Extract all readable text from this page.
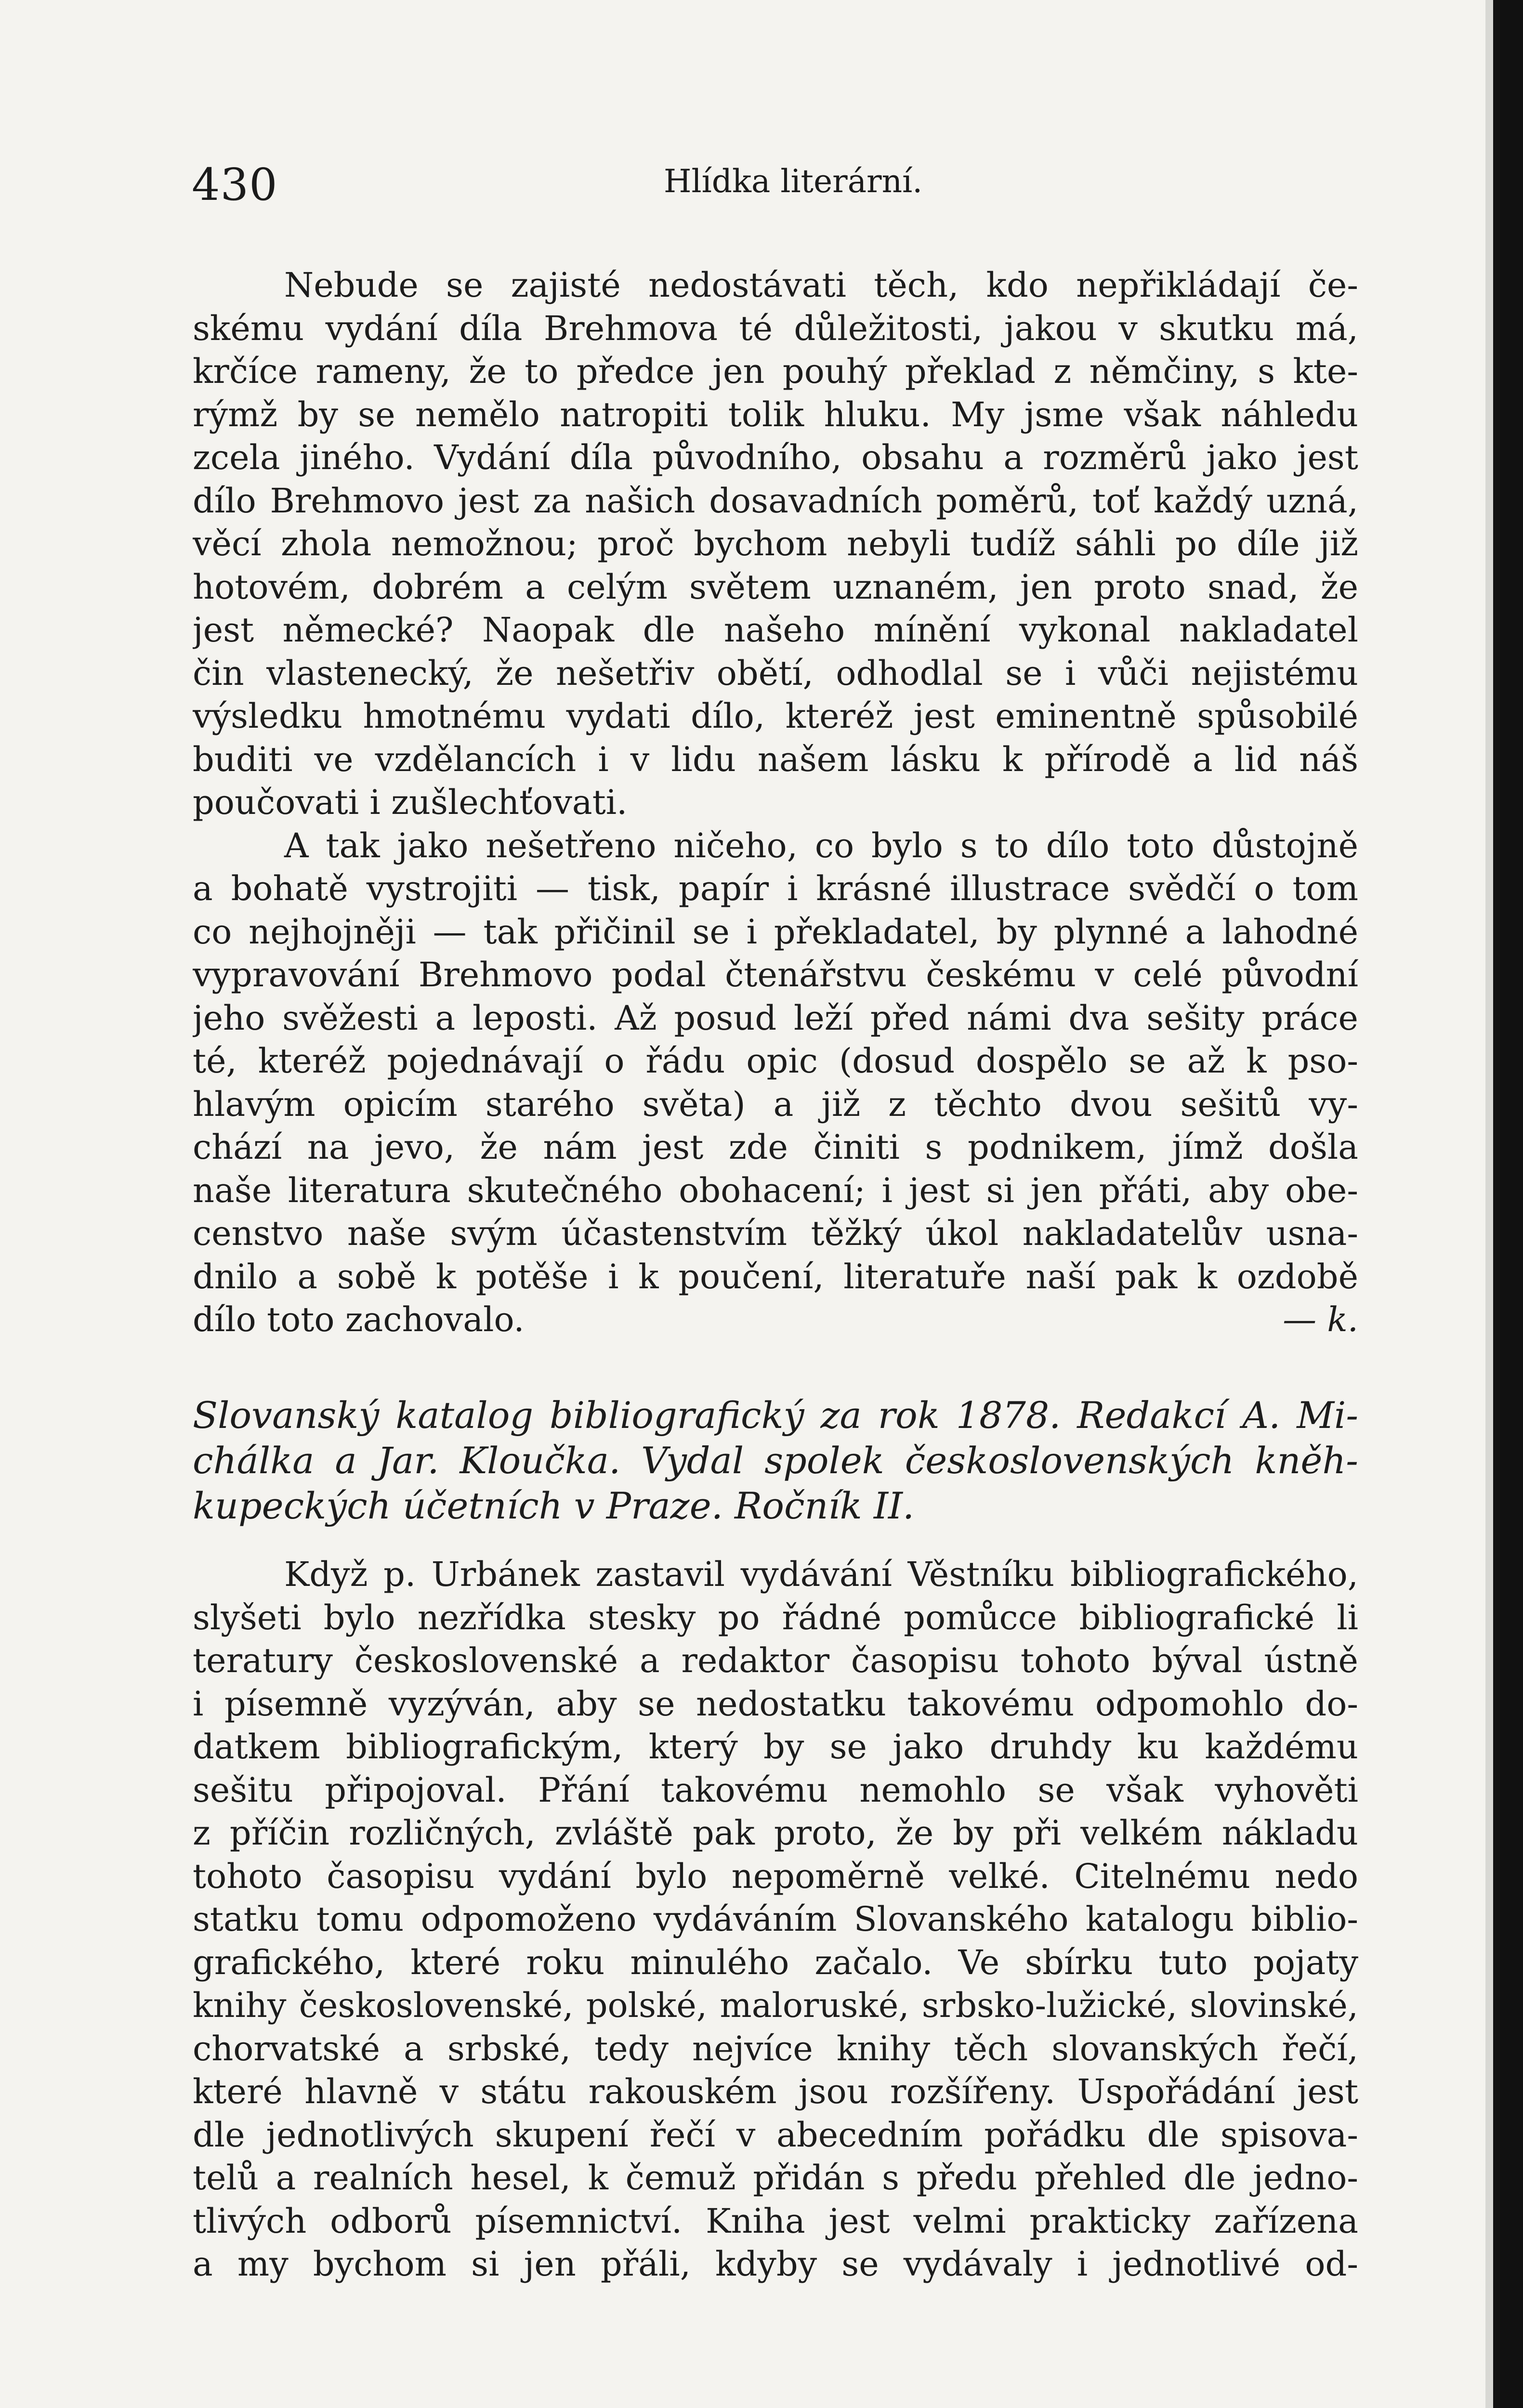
430	Hlídka literární.
Nebude se zajisté nedostávati těch, kdo nepřikládají če-
skému vydání díla Brehmova té důležitosti, jakou v skutku má,
krčíce rameny, že to předce jen pouhý překlad z němčiny, s kte-
rýmž by se nemělo natropiti tolik hluku. My jsme však náhledu
zcela jiného. Vydání díla původního, obsahu a rozměrů jako jest
dílo Brehmovo jest za našich dosavadních poměrů, toť každý uzná,
věcí zhola nemožnou; proč bychom nebyli tudíž sáhli po díle již
hotovém, dobrém a celým světem uznaném, jen proto snad, že
jest německé? Naopak dle našeho mínění vykonal nakladatel
čin vlastenecký, že nešetřiv obětí, odhodlal se i vůči nejistému
výsledku hmotnému vydati dílo, kteréž jest eminentně spůsobilé
buditi ve vzdělancích i v lidu našem lásku k přírodě a lid náš
poučovati i zušlechťovati.
A tak jako nešetřeno ničeho, co bylo s to dílo toto důstojně
a bohatě vystrojiti — tisk, papír i krásné illustrace svědčí o tom
co nejhojněji — tak přičinil se i překladatel, by plynné a lahodné
vypravování Brehmovo podal čtenářstvu českému v celé původní
jeho svěžesti a leposti. Až posud leží před námi dva sešity práce
té, kteréž pojednávají o řádu opic (dosud dospělo se až k pso-
hlavým opicím starého světa) a již z těchto dvou sešitů vy-
chází na jevo, že nám jest zde činiti s podnikem, jímž došla
naše literatura skutečného obohacení; i jest si jen přáti, aby obe-
censtvo naše svým účastenstvím těžký úkol nakladatelův usna-
dnilo a sobě k potěše i k poučení, literatuře naší pak k ozdobě
dílo toto zachovalo.	— k.
Slovanský katalog bibliografický za rok 1878. Redakcí A. Mi-
chálka a Jar. Kloučka. Vydal spolek československých kněh-
kupeckých účetních v Praze. Ročník II.
Když p. Urbánek zastavil vydávání Věstníku bibliografického,
slyšeti bylo nezřídka stesky po řádné pomůcce bibliografické li
teratury československé a redaktor časopisu tohoto býval ústně
i písemně vyzýván, aby se nedostatku takovému odpomohlo do-
datkem bibliografickým, který by se jako druhdy ku každému
sešitu připojoval. Přání takovému nemohlo se však vyhověti
z příčin rozličných, zvláště pak proto, že by při velkém nákladu
tohoto časopisu vydání bylo nepoměrně velké. Citelnému nedo
statku tomu odpomoženo vydáváním Slovanského katalogu biblio-
grafického, které roku minulého začalo. Ve sbírku tuto pojaty
knihy československé, polské, maloruské, srbsko-lužické, slovinské,
chorvatské a srbské, tedy nejvíce knihy těch slovanských řečí,
které hlavně v státu rakouském jsou rozšířeny. Uspořádání jest
dle jednotlivých skupení řečí v abecedním pořádku dle spisova-
telů a realních hesel, k čemuž přidán s předu přehled dle jedno-
tlivých odborů písemnictví. Kniha jest velmi prakticky zařízena
a my bychom si jen přáli, kdyby se vydávaly i jednotlivé od-
